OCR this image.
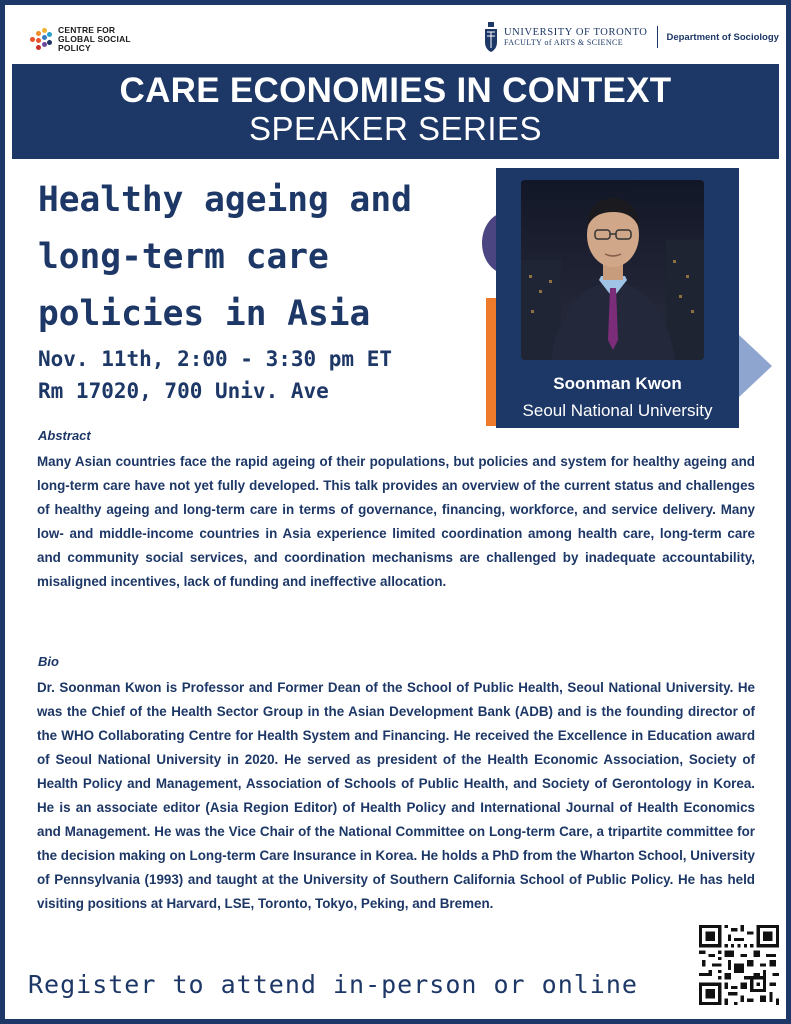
CENTRE FOR
GLOBAL SOCIAL
POLICY
UNIVERSITY OF TORONTO
FACULTY of ARTS & SCIENCE	Department of Sociology
CARE ECONOMIES IN CONTEXT
SPEAKER SERIES
Healthy ageing and long-term care policies in Asia
Nov. 11th, 2:00 - 3:30 pm ET
Rm 17020, 700 Univ. Ave	Soonman Kwon
Seoul National University
Abstract
Many Asian countries face the rapid ageing of their populations, but policies and system for healthy ageing and long-term care have not yet fully developed. This talk provides an overview of the current status and challenges of healthy ageing and long-term care in terms of governance, financing, workforce, and service delivery. Many low- and middle-income countries in Asia experience limited coordination among health care, long-term care and community social services, and coordination mechanisms are challenged by inadequate accountability, misaligned incentives, lack of funding and ineffective allocation.
Bio
Dr. Soonman Kwon is Professor and Former Dean of the School of Public Health, Seoul National University. He was the Chief of the Health Sector Group in the Asian Development Bank (ADB) and is the founding director of the WHO Collaborating Centre for Health System and Financing. He received the Excellence in Education award of Seoul National University in 2020. He served as president of the Health Economic Association, Society of Health Policy and Management, Association of Schools of Public Health, and Society of Gerontology in Korea. He is an associate editor (Asia Region Editor) of Health Policy and International Journal of Health Economics and Management. He was the Vice Chair of the National Committee on Long-term Care, a tripartite committee for the decision making on Long-term Care Insurance in Korea. He holds a PhD from the Wharton School, University of Pennsylvania (1993) and taught at the University of Southern California School of Public Policy. He has held visiting positions at Harvard, LSE, Toronto, Tokyo, Peking, and Bremen.
Register to attend in-person or online
